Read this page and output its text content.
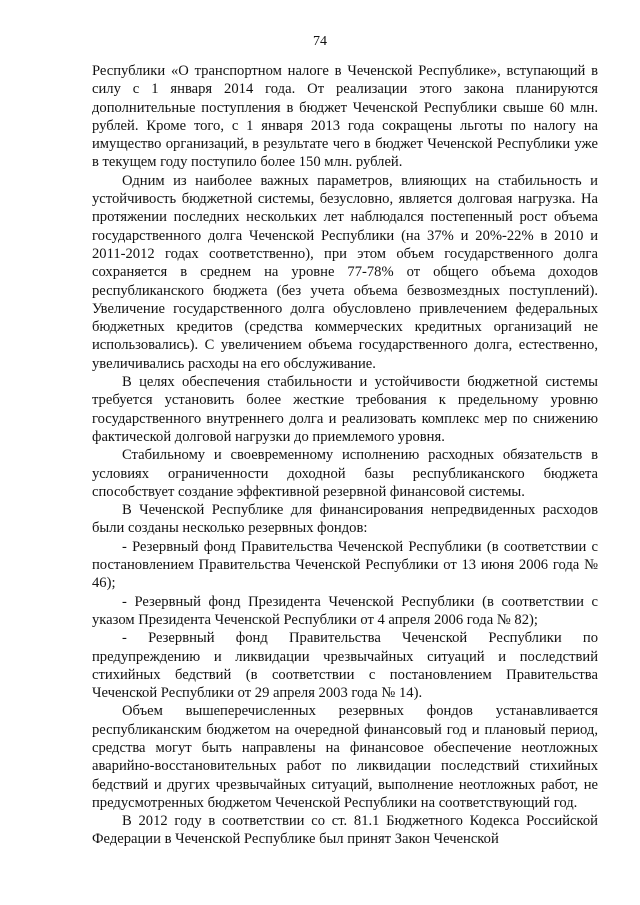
74

Республики «О транспортном налоге в Чеченской Республике», вступающий в силу с 1 января 2014 года. От реализации этого закона планируются дополнительные поступления в бюджет Чеченской Республики свыше 60 млн. рублей. Кроме того, с 1 января 2013 года сокращены льготы по налогу на имущество организаций, в результате чего в бюджет Чеченской Республики уже в текущем году поступило более 150 млн. рублей.

Одним из наиболее важных параметров, влияющих на стабильность и устойчивость бюджетной системы, безусловно, является долговая нагрузка. На протяжении последних нескольких лет наблюдался постепенный рост объема государственного долга Чеченской Республики (на 37% и 20%-22% в 2010 и 2011-2012 годах соответственно), при этом объем государственного долга сохраняется в среднем на уровне 77-78% от общего объема доходов республиканского бюджета (без учета объема безвозмездных поступлений). Увеличение государственного долга обусловлено привлечением федеральных бюджетных кредитов (средства коммерческих кредитных организаций не использовались). С увеличением объема государственного долга, естественно, увеличивались расходы на его обслуживание.

В целях обеспечения стабильности и устойчивости бюджетной системы требуется установить более жесткие требования к предельному уровню государственного внутреннего долга и реализовать комплекс мер по снижению фактической долговой нагрузки до приемлемого уровня.

Стабильному и своевременному исполнению расходных обязательств в условиях ограниченности доходной базы республиканского бюджета способствует создание эффективной резервной финансовой системы.

В Чеченской Республике для финансирования непредвиденных расходов были созданы несколько резервных фондов:

- Резервный фонд Правительства Чеченской Республики (в соответствии с постановлением Правительства Чеченской Республики от 13 июня 2006 года № 46);

- Резервный фонд Президента Чеченской Республики (в соответствии с указом Президента Чеченской Республики от 4 апреля 2006 года № 82);

- Резервный фонд Правительства Чеченской Республики по предупреждению и ликвидации чрезвычайных ситуаций и последствий стихийных бедствий (в соответствии с постановлением Правительства Чеченской Республики от 29 апреля 2003 года № 14).

Объем вышеперечисленных резервных фондов устанавливается республиканским бюджетом на очередной финансовый год и плановый период, средства могут быть направлены на финансовое обеспечение неотложных аварийно-восстановительных работ по ликвидации последствий стихийных бедствий и других чрезвычайных ситуаций, выполнение неотложных работ, не предусмотренных бюджетом Чеченской Республики на соответствующий год.

В 2012 году в соответствии со ст. 81.1 Бюджетного Кодекса Российской Федерации в Чеченской Республике был принят Закон Чеченской
